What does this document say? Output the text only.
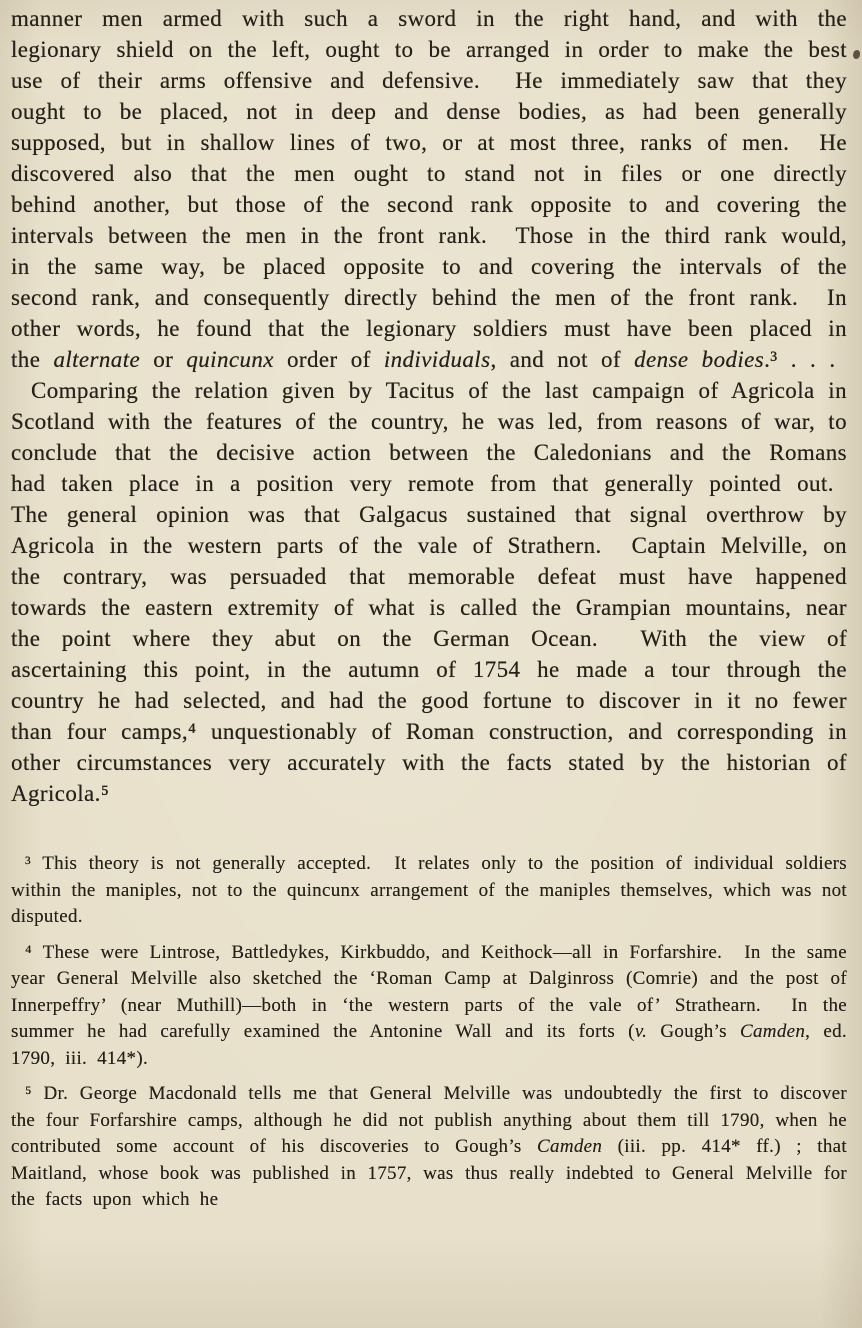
manner men armed with such a sword in the right hand, and with the legionary shield on the left, ought to be arranged in order to make the best use of their arms offensive and defensive.  He immediately saw that they ought to be placed, not in deep and dense bodies, as had been generally supposed, but in shallow lines of two, or at most three, ranks of men.  He discovered also that the men ought to stand not in files or one directly behind another, but those of the second rank opposite to and covering the intervals between the men in the front rank.  Those in the third rank would, in the same way, be placed opposite to and covering the intervals of the second rank, and consequently directly behind the men of the front rank.  In other words, he found that the legionary soldiers must have been placed in the alternate or quincunx order of individuals, and not of dense bodies.³ . . .

Comparing the relation given by Tacitus of the last campaign of Agricola in Scotland with the features of the country, he was led, from reasons of war, to conclude that the decisive action between the Caledonians and the Romans had taken place in a position very remote from that generally pointed out.  The general opinion was that Galgacus sustained that signal overthrow by Agricola in the western parts of the vale of Strathern.  Captain Melville, on the contrary, was persuaded that memorable defeat must have happened towards the eastern extremity of what is called the Grampian mountains, near the point where they abut on the German Ocean.  With the view of ascertaining this point, in the autumn of 1754 he made a tour through the country he had selected, and had the good fortune to discover in it no fewer than four camps,⁴ unquestionably of Roman construction, and corresponding in other circumstances very accurately with the facts stated by the historian of Agricola.⁵

³ This theory is not generally accepted.  It relates only to the position of individual soldiers within the maniples, not to the quincunx arrangement of the maniples themselves, which was not disputed.

⁴ These were Lintrose, Battledykes, Kirkbuddo, and Keithock—all in Forfarshire.  In the same year General Melville also sketched the ‘Roman Camp at Dalginross (Comrie) and the post of Innerpeffry’ (near Muthill)—both in ‘the western parts of the vale of’ Strathearn.  In the summer he had carefully examined the Antonine Wall and its forts (v. Gough’s Camden, ed. 1790, iii. 414*).

⁵ Dr. George Macdonald tells me that General Melville was undoubtedly the first to discover the four Forfarshire camps, although he did not publish anything about them till 1790, when he contributed some account of his discoveries to Gough’s Camden (iii. pp. 414* ff.) ; that Maitland, whose book was published in 1757, was thus really indebted to General Melville for the facts upon which he
